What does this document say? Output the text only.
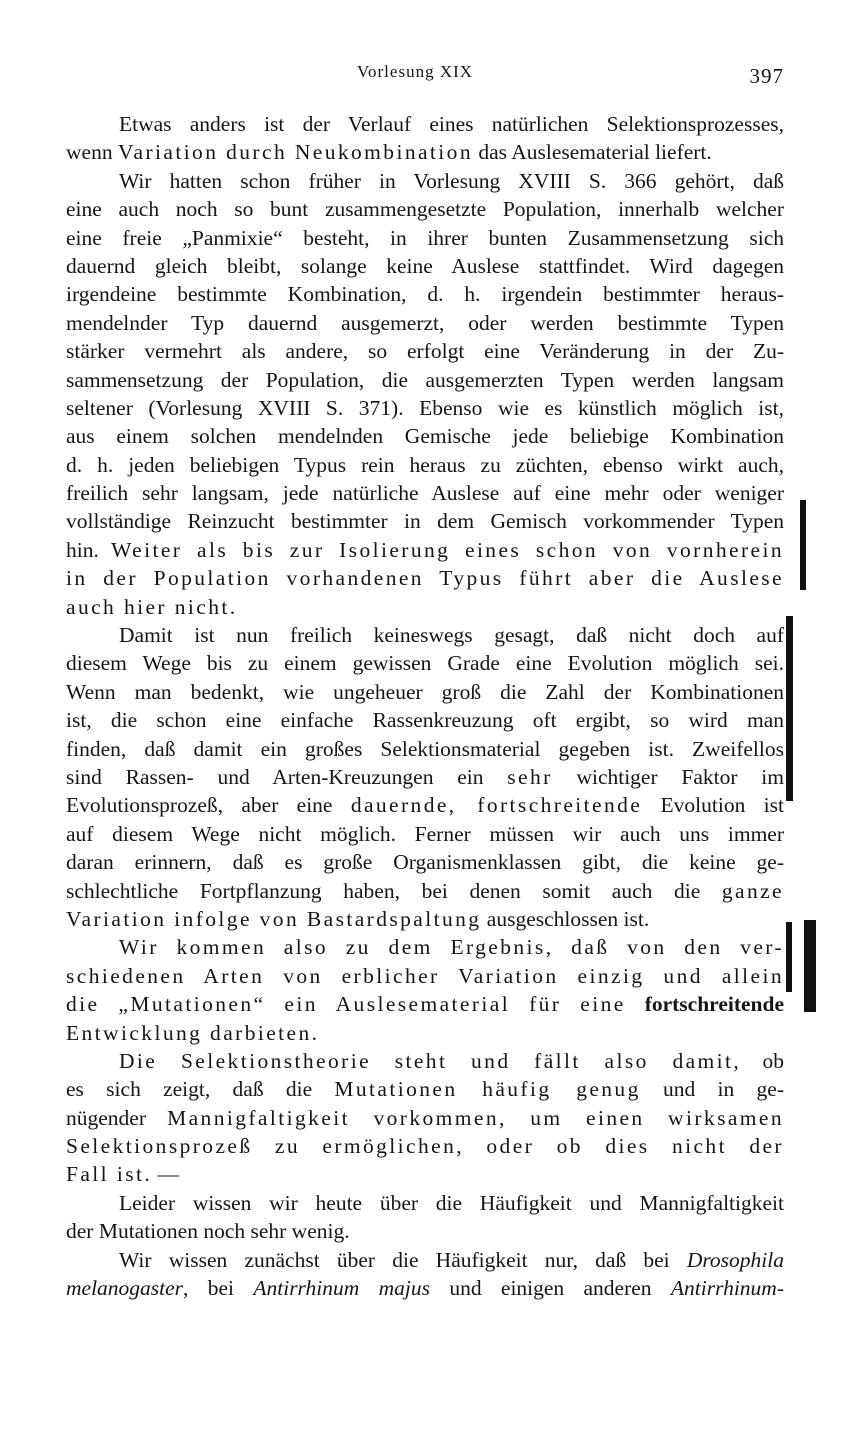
Vorlesung XIX	397
Etwas anders ist der Verlauf eines natürlichen Selektionsprozesses,
wenn Variation durch Neukombination das Auslesematerial liefert.
Wir hatten schon früher in Vorlesung XVIII S. 366 gehört, daß
eine auch noch so bunt zusammengesetzte Population, innerhalb welcher
eine freie „Panmixie“ besteht, in ihrer bunten Zusammensetzung sich
dauernd gleich bleibt, solange keine Auslese stattfindet. Wird dagegen
irgendeine bestimmte Kombination, d. h. irgendein bestimmter heraus-
mendelnder Typ dauernd ausgemerzt, oder werden bestimmte Typen
stärker vermehrt als andere, so erfolgt eine Veränderung in der Zu-
sammensetzung der Population, die ausgemerzten Typen werden langsam
seltener (Vorlesung XVIII S. 371). Ebenso wie es künstlich möglich ist,
aus einem solchen mendelnden Gemische jede beliebige Kombination
d. h. jeden beliebigen Typus rein heraus zu züchten, ebenso wirkt auch,
freilich sehr langsam, jede natürliche Auslese auf eine mehr oder weniger
vollständige Reinzucht bestimmter in dem Gemisch vorkommender Typen
hin. Weiter als bis zur Isolierung eines schon von vornherein
in der Population vorhandenen Typus führt aber die Auslese
auch hier nicht.
Damit ist nun freilich keineswegs gesagt, daß nicht doch auf
diesem Wege bis zu einem gewissen Grade eine Evolution möglich sei.
Wenn man bedenkt, wie ungeheuer groß die Zahl der Kombinationen
ist, die schon eine einfache Rassenkreuzung oft ergibt, so wird man
finden, daß damit ein großes Selektionsmaterial gegeben ist. Zweifellos
sind Rassen- und Arten-Kreuzungen ein sehr wichtiger Faktor im
Evolutionsprozeß, aber eine dauernde, fortschreitende Evolution ist
auf diesem Wege nicht möglich. Ferner müssen wir auch uns immer
daran erinnern, daß es große Organismenklassen gibt, die keine ge-
schlechtliche Fortpflanzung haben, bei denen somit auch die ganze
Variation infolge von Bastardspaltung ausgeschlossen ist.
Wir kommen also zu dem Ergebnis, daß von den ver-
schiedenen Arten von erblicher Variation einzig und allein
die „Mutationen“ ein Auslesematerial für eine fortschreitende
Entwicklung darbieten.
Die Selektionstheorie steht und fällt also damit, ob
es sich zeigt, daß die Mutationen häufig genug und in ge-
nügender Mannigfaltigkeit vorkommen, um einen wirksamen
Selektionsprozeß zu ermöglichen, oder ob dies nicht der
Fall ist. —
Leider wissen wir heute über die Häufigkeit und Mannigfaltigkeit
der Mutationen noch sehr wenig.
Wir wissen zunächst über die Häufigkeit nur, daß bei Drosophila
melanogaster, bei Antirrhinum majus und einigen anderen Antirrhinum-
